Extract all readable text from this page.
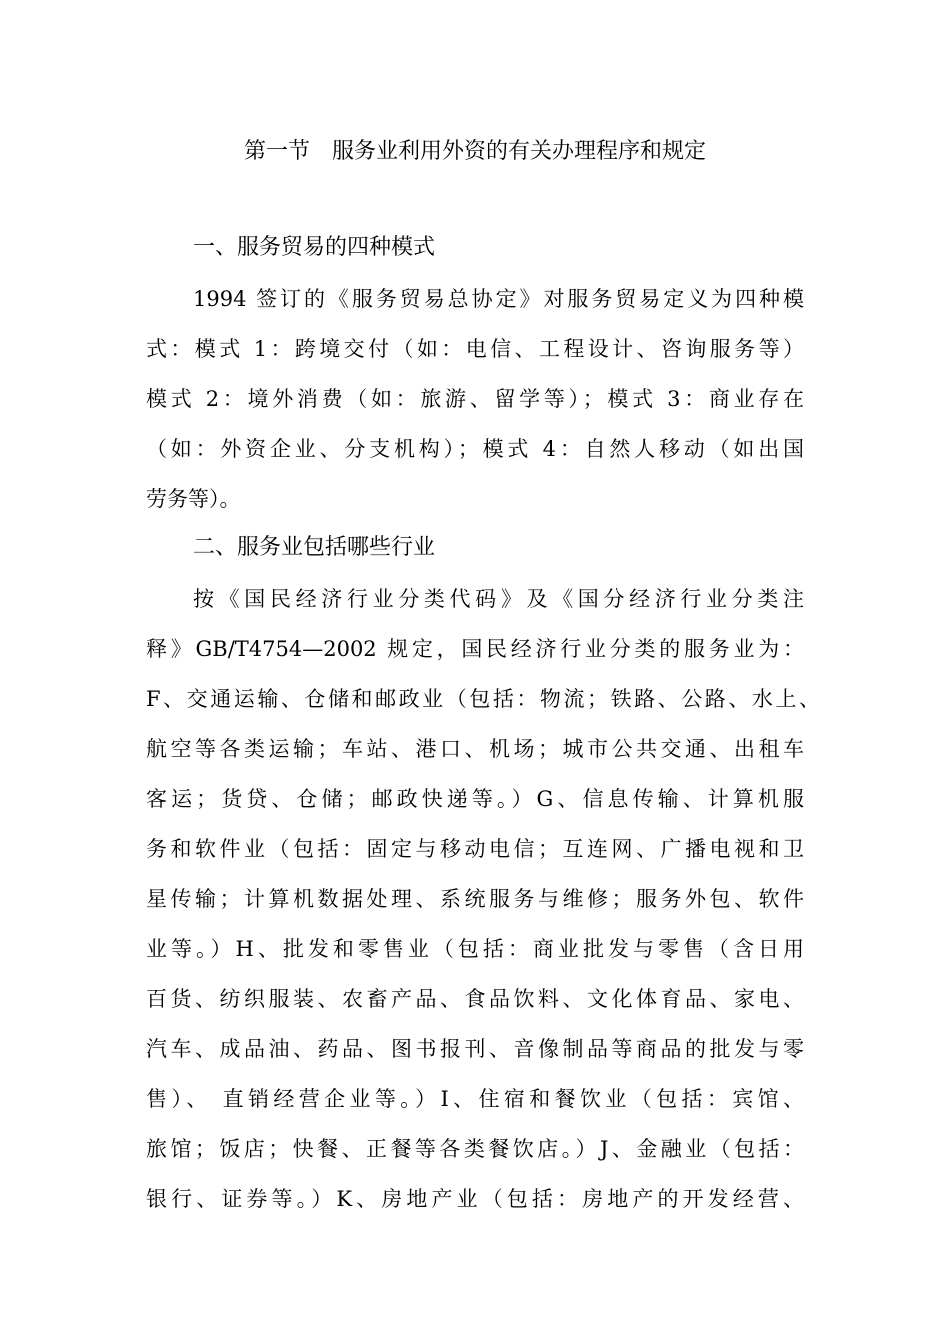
第一节　服务业利用外资的有关办理程序和规定
一、服务贸易的四种模式
1994 签订的《服务贸易总协定》对服务贸易定义为四种模
式：模式 1：跨境交付（如：电信、工程设计、咨询服务等）
模式 2：境外消费（如：旅游、留学等）；模式 3：商业存在
（如：外资企业、分支机构）；模式 4：自然人移动（如出国
劳务等）。
二、服务业包括哪些行业
按《国民经济行业分类代码》及《国分经济行业分类注
释》GB/T4754—2002 规定，国民经济行业分类的服务业为：
F、交通运输、仓储和邮政业（包括：物流；铁路、公路、水上、
航空等各类运输；车站、港口、机场；城市公共交通、出租车
客运；货贷、仓储；邮政快递等。）G、信息传输、计算机服
务和软件业（包括：固定与移动电信；互连网、广播电视和卫
星传输；计算机数据处理、系统服务与维修；服务外包、软件
业等。）H、批发和零售业（包括：商业批发与零售（含日用
百货、纺织服装、农畜产品、食品饮料、文化体育品、家电、
汽车、成品油、药品、图书报刊、音像制品等商品的批发与零
售）、 直销经营企业等。）I、住宿和餐饮业（包括：宾馆、
旅馆；饭店；快餐、正餐等各类餐饮店。）J、金融业（包括：
银行、证券等。）K、房地产业（包括：房地产的开发经营、
